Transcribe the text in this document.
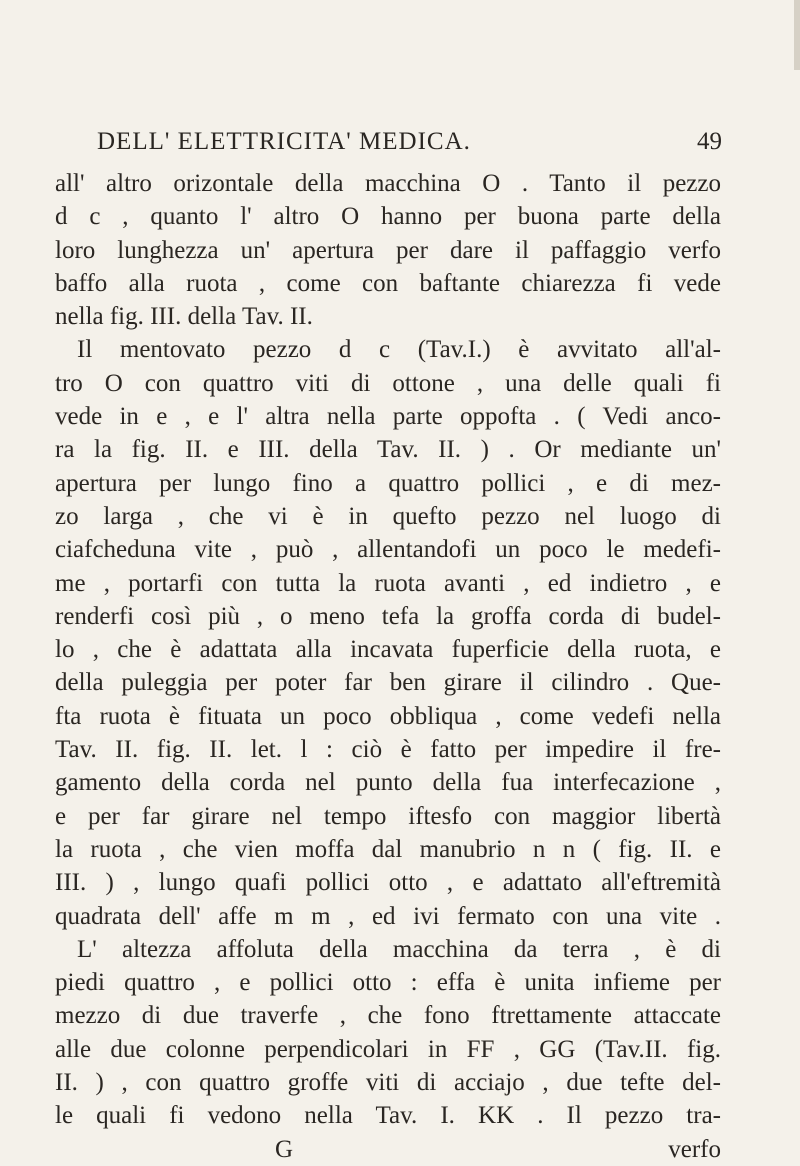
DELL' ELETTRICITA' MEDICA.	49
all' altro orizontale della macchina O . Tanto il pezzo
d c , quanto l' altro O hanno per buona parte della
loro lunghezza un' apertura per dare il paffaggio verfo
baffo alla ruota , come con baftante chiarezza fi vede
nella fig. III. della Tav. II.
Il mentovato pezzo d c (Tav.I.) è avvitato all'al-
tro O con quattro viti di ottone , una delle quali fi
vede in e , e l' altra nella parte oppofta . ( Vedi anco-
ra la fig. II. e III. della Tav. II. ) . Or mediante un'
apertura per lungo fino a quattro pollici , e di mez-
zo larga , che vi è in quefto pezzo nel luogo di
ciafcheduna vite , può , allentandofi un poco le medefi-
me , portarfi con tutta la ruota avanti , ed indietro , e
renderfi così più , o meno tefa la groffa corda di budel-
lo , che è adattata alla incavata fuperficie della ruota, e
della puleggia per poter far ben girare il cilindro . Que-
fta ruota è fituata un poco obbliqua , come vedefi nella
Tav. II. fig. II. let. l : ciò è fatto per impedire il fre-
gamento della corda nel punto della fua interfecazione ,
e per far girare nel tempo iftesfo con maggior libertà
la ruota , che vien moffa dal manubrio n n ( fig. II. e
III. ) , lungo quafi pollici otto , e adattato all'eftremità
quadrata dell' affe m m , ed ivi fermato con una vite .
L' altezza affoluta della macchina da terra , è di
piedi quattro , e pollici otto : effa è unita infieme per
mezzo di due traverfe , che fono ftrettamente attaccate
alle due colonne perpendicolari in FF , GG (Tav.II. fig.
II. ) , con quattro groffe viti di acciajo , due tefte del-
le quali fi vedono nella Tav. I. KK . Il pezzo tra-
G	verfo
